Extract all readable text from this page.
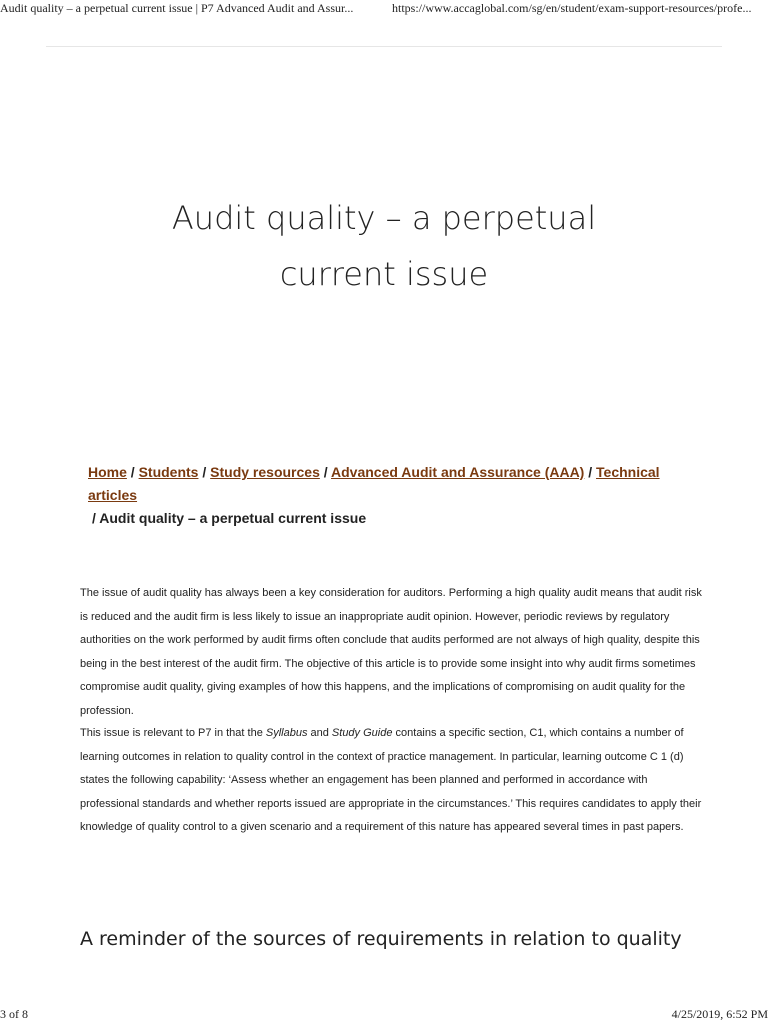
Audit quality – a perpetual current issue | P7 Advanced Audit and Assur...	https://www.accaglobal.com/sg/en/student/exam-support-resources/profe...
Audit quality – a perpetual
current issue
Home / Students / Study resources / Advanced Audit and Assurance (AAA) / Technical articles
/ Audit quality – a perpetual current issue

The issue of audit quality has always been a key consideration for auditors. Performing a high quality audit means that audit risk is reduced and the audit firm is less likely to issue an inappropriate audit opinion. However, periodic reviews by regulatory authorities on the work performed by audit firms often conclude that audits performed are not always of high quality, despite this being in the best interest of the audit firm. The objective of this article is to provide some insight into why audit firms sometimes compromise audit quality, giving examples of how this happens, and the implications of compromising on audit quality for the profession.

This issue is relevant to P7 in that the Syllabus and Study Guide contains a specific section, C1, which contains a number of learning outcomes in relation to quality control in the context of practice management. In particular, learning outcome C 1 (d) states the following capability: ‘Assess whether an engagement has been planned and performed in accordance with professional standards and whether reports issued are appropriate in the circumstances.’ This requires candidates to apply their knowledge of quality control to a given scenario and a requirement of this nature has appeared several times in past papers.

A reminder of the sources of requirements in relation to quality
3 of 8	4/25/2019, 6:52 PM
